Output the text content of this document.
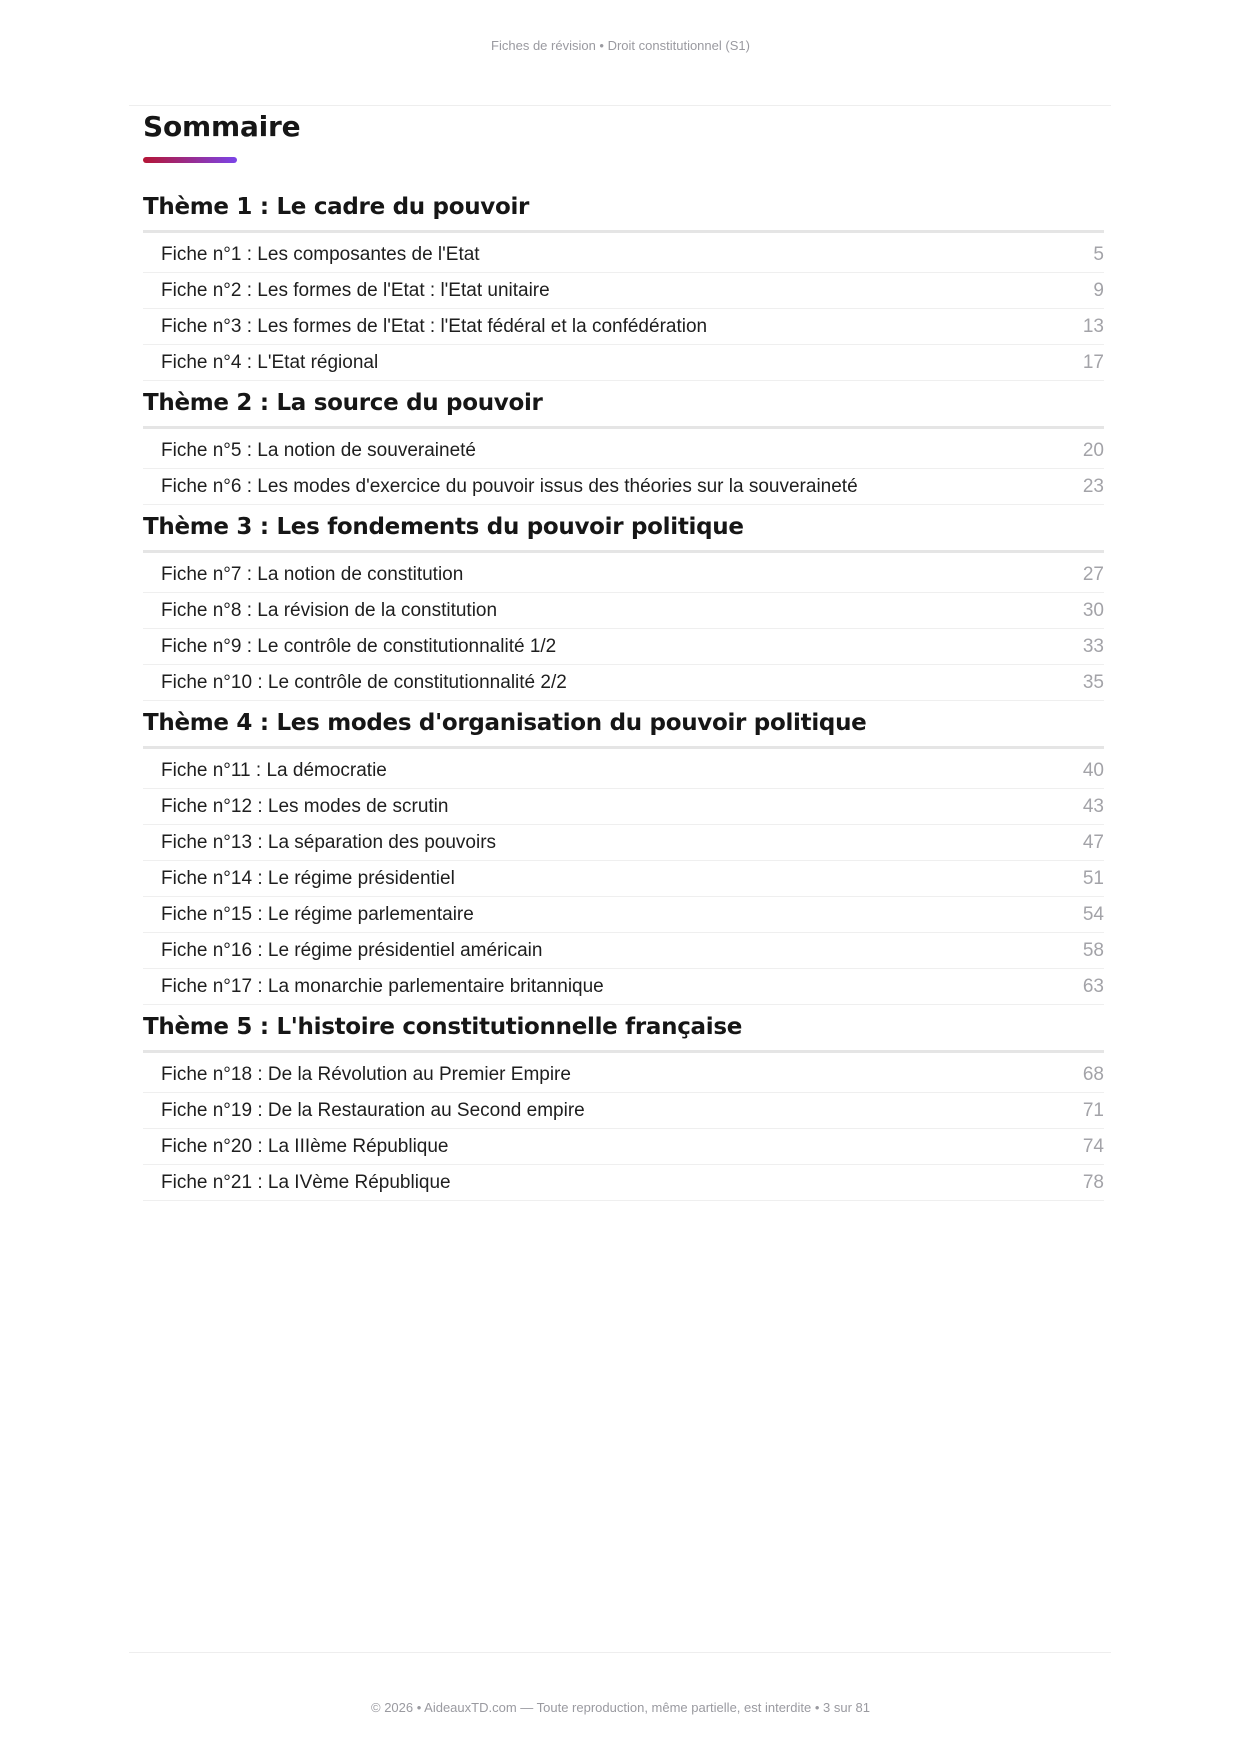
Fiches de révision • Droit constitutionnel (S1)
Sommaire
Thème 1 : Le cadre du pouvoir
Fiche n°1 : Les composantes de l'Etat	5
Fiche n°2 : Les formes de l'Etat : l'Etat unitaire	9
Fiche n°3 : Les formes de l'Etat : l'Etat fédéral et la confédération	13
Fiche n°4 : L'Etat régional	17
Thème 2 : La source du pouvoir
Fiche n°5 : La notion de souveraineté	20
Fiche n°6 : Les modes d'exercice du pouvoir issus des théories sur la souveraineté	23
Thème 3 : Les fondements du pouvoir politique
Fiche n°7 : La notion de constitution	27
Fiche n°8 : La révision de la constitution	30
Fiche n°9 : Le contrôle de constitutionnalité 1/2	33
Fiche n°10 : Le contrôle de constitutionnalité 2/2	35
Thème 4 : Les modes d'organisation du pouvoir politique
Fiche n°11 : La démocratie	40
Fiche n°12 : Les modes de scrutin	43
Fiche n°13 : La séparation des pouvoirs	47
Fiche n°14 : Le régime présidentiel	51
Fiche n°15 : Le régime parlementaire	54
Fiche n°16 : Le régime présidentiel américain	58
Fiche n°17 : La monarchie parlementaire britannique	63
Thème 5 : L'histoire constitutionnelle française
Fiche n°18 : De la Révolution au Premier Empire	68
Fiche n°19 : De la Restauration au Second empire	71
Fiche n°20 : La IIIème République	74
Fiche n°21 : La IVème République	78
© 2026 • AideauxTD.com — Toute reproduction, même partielle, est interdite • 3 sur 81
